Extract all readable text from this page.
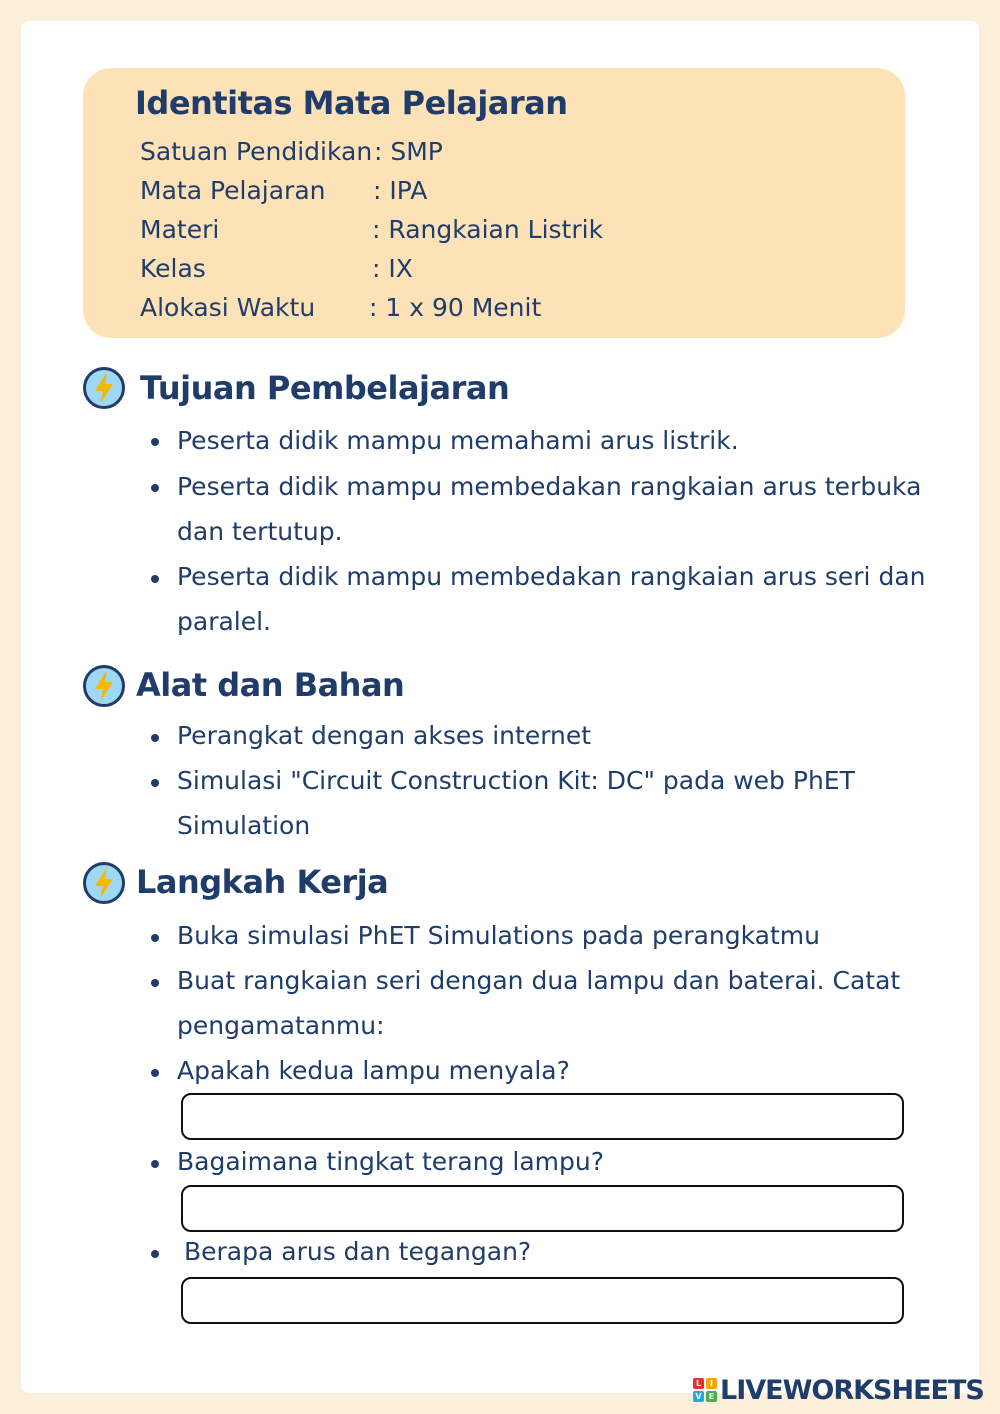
Identitas Mata Pelajaran
Satuan Pendidikan : SMP
Mata Pelajaran : IPA
Materi	: Rangkaian Listrik
Kelas	: IX
Alokasi Waktu : 1 x 90 Menit
Tujuan Pembelajaran
Peserta didik mampu memahami arus listrik.
Peserta didik mampu membedakan rangkaian arus terbuka
dan tertutup.
Peserta didik mampu membedakan rangkaian arus seri dan
paralel.
Alat dan Bahan
Perangkat dengan akses internet
Simulasi "Circuit Construction Kit: DC" pada web PhET
Simulation
Langkah Kerja
Buka simulasi PhET Simulations pada perangkatmu
Buat rangkaian seri dengan dua lampu dan baterai. Catat
pengamatanmu:
Apakah kedua lampu menyala?
Bagaimana tingkat terang lampu?
Berapa arus dan tegangan?
L	I
V E LIVEWORKSHEETS
